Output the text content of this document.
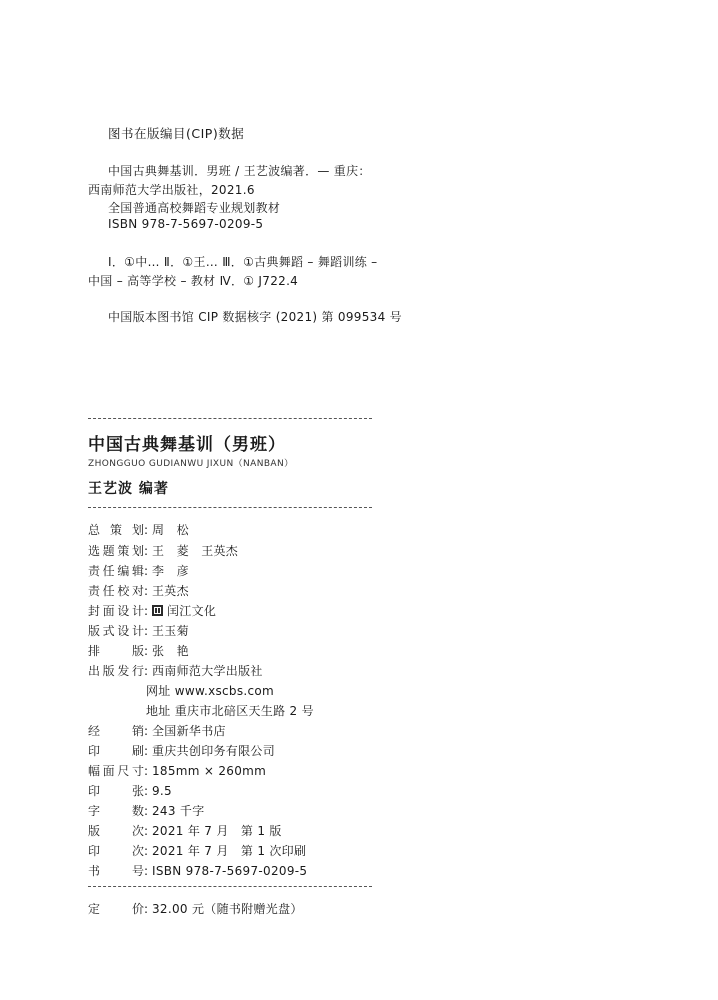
图书在版编目(CIP)数据
中国古典舞基训．男班 / 王艺波编著．— 重庆：
西南师范大学出版社，2021.6
全国普通高校舞蹈专业规划教材
ISBN 978-7-5697-0209-5
Ⅰ．①中… Ⅱ．①王… Ⅲ．①古典舞蹈 – 舞蹈训练 –
中国 – 高等学校 – 教材 Ⅳ．① J722.4
中国版本图书馆 CIP 数据核字 (2021) 第 099534 号
中国古典舞基训（男班）
ZHONGGUO GUDIANWU JIXUN（NANBAN）
王艺波 编著
总 策 划: 周　松
选题策划: 王　菱　王英杰
责任编辑: 李　彦
责任校对: 王英杰
封面设计: 闰江文化
版式设计: 王玉菊
排　　版: 张　艳
出版发行: 西南师范大学出版社
网址 www.xscbs.com
地址 重庆市北碚区天生路 2 号
经　　销: 全国新华书店
印　　刷: 重庆共创印务有限公司
幅面尺寸: 185mm × 260mm
印　　张: 9.5
字　　数: 243 千字
版　　次: 2021 年 7 月　第 1 版
印　　次: 2021 年 7 月　第 1 次印刷
书　　号: ISBN 978-7-5697-0209-5
定　　价: 32.00 元（随书附赠光盘）
